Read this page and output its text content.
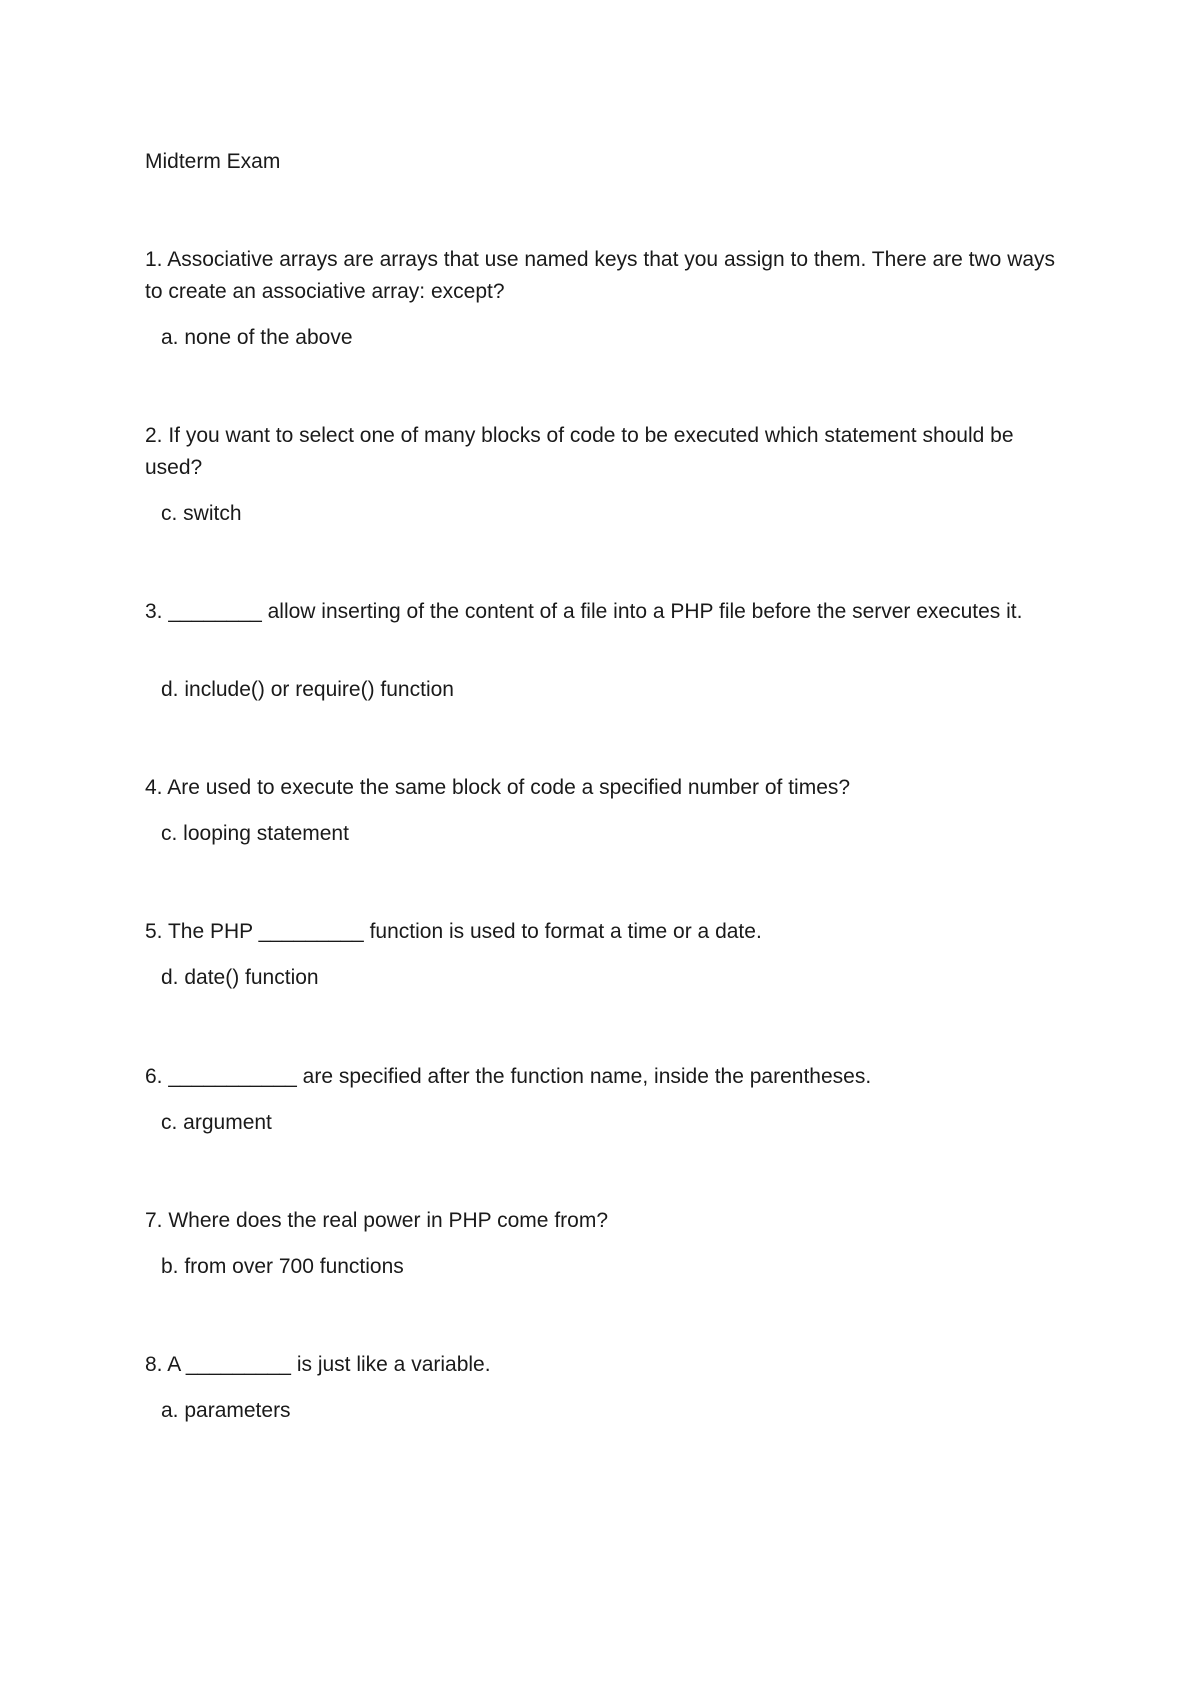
Midterm Exam

1. Associative arrays are arrays that use named keys that you assign to them. There are two ways to create an associative array: except?

a. none of the above

2. If you want to select one of many blocks of code to be executed which statement should be used?

c. switch

3. ________ allow inserting of the content of a file into a PHP file before the server executes it.

d. include() or require() function

4. Are used to execute the same block of code a specified number of times?

c. looping statement

5. The PHP _________ function is used to format a time or a date.

d. date() function

6. ___________ are specified after the function name, inside the parentheses.

c. argument

7. Where does the real power in PHP come from?

b. from over 700 functions

8. A _________ is just like a variable.

a. parameters
